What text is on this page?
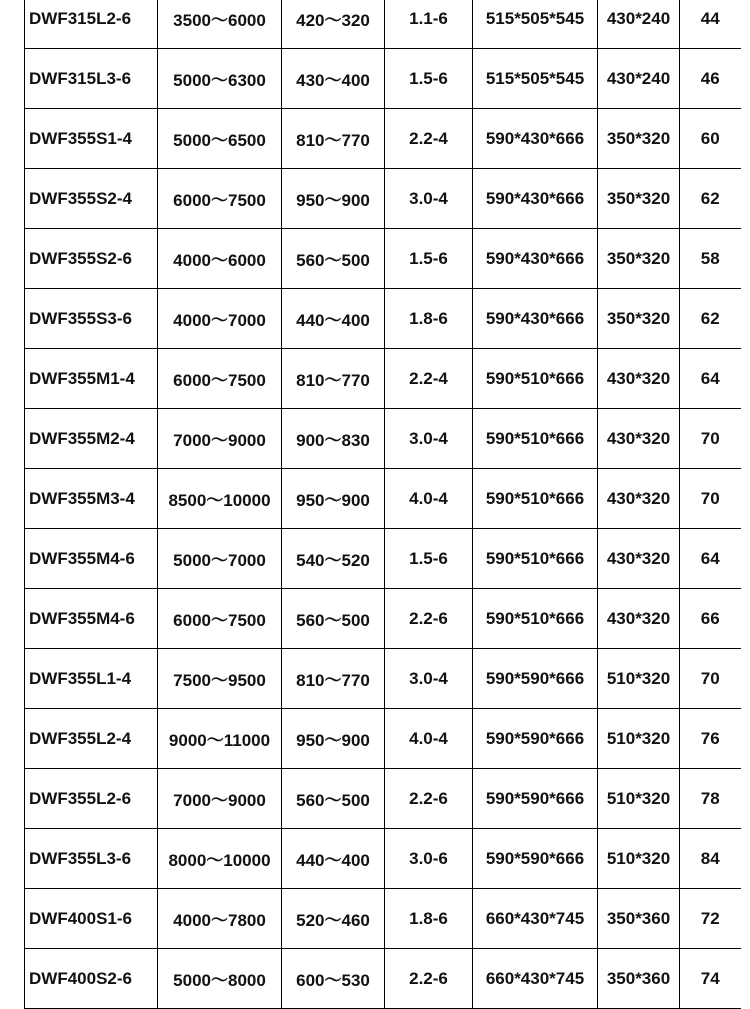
DWF315L2-6	3500～6000	420～320	1.1-6	515*505*545	430*240	44
DWF315L3-6	5000～6300	430～400	1.5-6	515*505*545	430*240	46
DWF355S1-4	5000～6500	810～770	2.2-4	590*430*666	350*320	60
DWF355S2-4	6000～7500	950～900	3.0-4	590*430*666	350*320	62
DWF355S2-6	4000～6000	560～500	1.5-6	590*430*666	350*320	58
DWF355S3-6	4000～7000	440～400	1.8-6	590*430*666	350*320	62
DWF355M1-4	6000～7500	810～770	2.2-4	590*510*666	430*320	64
DWF355M2-4	7000～9000	900～830	3.0-4	590*510*666	430*320	70
DWF355M3-4	8500～10000	950～900	4.0-4	590*510*666	430*320	70
DWF355M4-6	5000～7000	540～520	1.5-6	590*510*666	430*320	64
DWF355M4-6	6000～7500	560～500	2.2-6	590*510*666	430*320	66
DWF355L1-4	7500～9500	810～770	3.0-4	590*590*666	510*320	70
DWF355L2-4	9000～11000	950～900	4.0-4	590*590*666	510*320	76
DWF355L2-6	7000～9000	560～500	2.2-6	590*590*666	510*320	78
DWF355L3-6	8000～10000	440～400	3.0-6	590*590*666	510*320	84
DWF400S1-6	4000～7800	520～460	1.8-6	660*430*745	350*360	72
DWF400S2-6	5000～8000	600～530	2.2-6	660*430*745	350*360	74
